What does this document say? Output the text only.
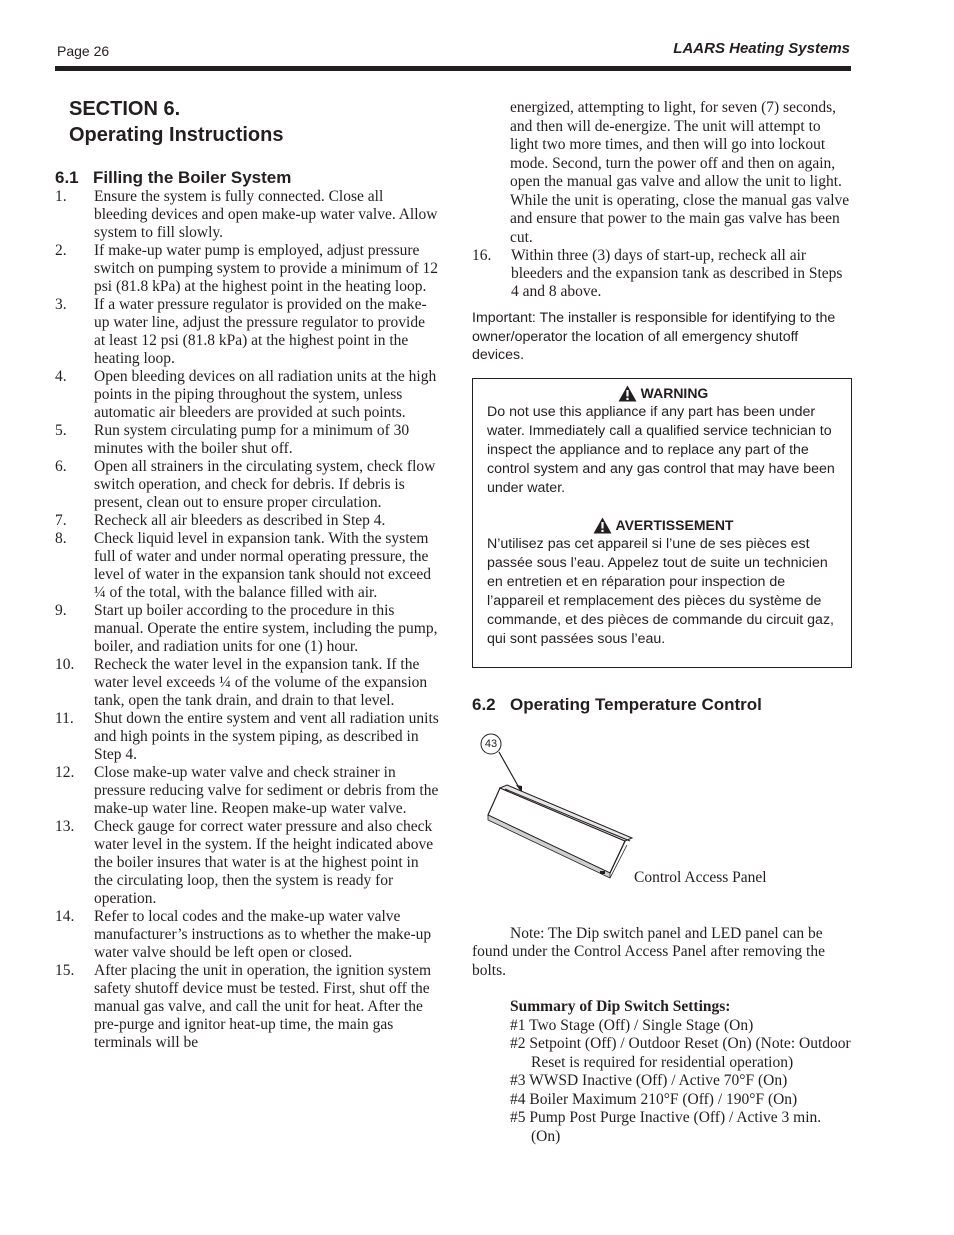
Page 26	LAARS Heating Systems
SECTION 6.
Operating Instructions
6.1 Filling the Boiler System
1.	Ensure the system is fully connected. Close all bleeding devices and open make-up water valve. Allow system to fill slowly.
2.	If make-up water pump is employed, adjust pressure switch on pumping system to provide a minimum of 12 psi (81.8 kPa) at the highest point in the heating loop.
3.	If a water pressure regulator is provided on the make-up water line, adjust the pressure regulator to provide at least 12 psi (81.8 kPa) at the highest point in the heating loop.
4.	Open bleeding devices on all radiation units at the high points in the piping throughout the system, unless automatic air bleeders are provided at such points.
5.	Run system circulating pump for a minimum of 30 minutes with the boiler shut off.
6.	Open all strainers in the circulating system, check flow switch operation, and check for debris. If debris is present, clean out to ensure proper circulation.
7.	Recheck all air bleeders as described in Step 4.
8.	Check liquid level in expansion tank. With the system full of water and under normal operating pressure, the level of water in the expansion tank should not exceed ¼ of the total, with the balance filled with air.
9.	Start up boiler according to the procedure in this manual. Operate the entire system, including the pump, boiler, and radiation units for one (1) hour.
10.	Recheck the water level in the expansion tank. If the water level exceeds ¼ of the volume of the expansion tank, open the tank drain, and drain to that level.
11.	Shut down the entire system and vent all radiation units and high points in the system piping, as described in Step 4.
12.	Close make-up water valve and check strainer in pressure reducing valve for sediment or debris from the make-up water line. Reopen make-up water valve.
13.	Check gauge for correct water pressure and also check water level in the system. If the height indicated above the boiler insures that water is at the highest point in the circulating loop, then the system is ready for operation.
14.	Refer to local codes and the make-up water valve manufacturer’s instructions as to whether the make-up water valve should be left open or closed.
15.	After placing the unit in operation, the ignition system safety shutoff device must be tested. First, shut off the manual gas valve, and call the unit for heat. After the pre-purge and ignitor heat-up time, the main gas terminals will be
energized, attempting to light, for seven (7) seconds, and then will de-energize. The unit will attempt to light two more times, and then will go into lockout mode. Second, turn the power off and then on again, open the manual gas valve and allow the unit to light. While the unit is operating, close the manual gas valve and ensure that power to the main gas valve has been cut.
16.	Within three (3) days of start-up, recheck all air bleeders and the expansion tank as described in Steps 4 and 8 above.
Important: The installer is responsible for identifying to the owner/operator the location of all emergency shutoff devices.
WARNING
Do not use this appliance if any part has been under water. Immediately call a qualified service technician to inspect the appliance and to replace any part of the control system and any gas control that may have been under water.
AVERTISSEMENT
N’utilisez pas cet appareil si l’une de ses pièces est passée sous l’eau. Appelez tout de suite un technicien en entretien et en réparation pour inspection de l’appareil et remplacement des pièces du système de commande, et des pièces de commande du circuit gaz, qui sont passées sous l’eau.
6.2 Operating Temperature Control
43
Control Access Panel
Note: The Dip switch panel and LED panel can be found under the Control Access Panel after removing the bolts.
Summary of Dip Switch Settings:
#1 Two Stage (Off) / Single Stage (On)
#2 Setpoint (Off) / Outdoor Reset (On) (Note: Outdoor Reset is required for residential operation)
#3 WWSD Inactive (Off) / Active 70°F (On)
#4 Boiler Maximum 210°F (Off) / 190°F (On)
#5 Pump Post Purge Inactive (Off) / Active 3 min. (On)
